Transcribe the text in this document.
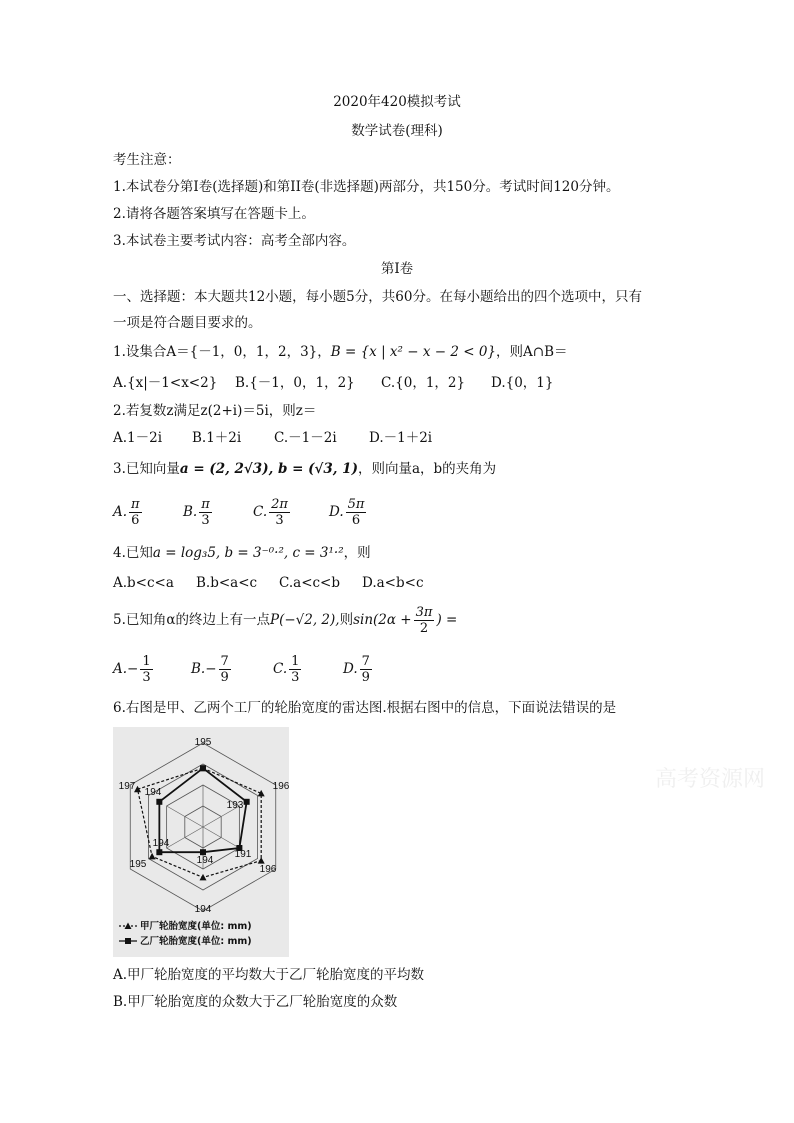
2020年420模拟考试
数学试卷(理科)
考生注意：
1.本试卷分第I卷(选择题)和第II卷(非选择题)两部分，共150分。考试时间120分钟。
2.请将各题答案填写在答题卡上。
3.本试卷主要考试内容：高考全部内容。
第I卷
一、选择题：本大题共12小题，每小题5分，共60分。在每小题给出的四个选项中，只有
一项是符合题目要求的。
1.设集合A＝{－1，0，1，2，3}，B = {x | x² − x − 2 < 0}，则A∩B＝
A.{x|－1<x<2} B.{－1，0，1，2} C.{0，1，2} D.{0，1}
2.若复数z满足z(2+i)＝5i，则z＝
A.1－2i B.1＋2i C.－1－2i D.－1＋2i
3.已知向量a = (2, 2√3), b = (√3, 1)，则向量a，b的夹角为
A. $\frac{\pi}{6}$	B. $\frac{\pi}{3}$	C. $\frac{2\pi}{3}$	D. $\frac{5\pi}{6}$
4.已知a = log₃5, b = 3⁻⁰·², c = 3¹·²，则
A.b<c<a B.b<a<c C.a<c<b D.a<b<c
5.已知角α的终边上有一点 P(−√2, 2), 则 $\sin(2\alpha + \frac{3\pi}{2}$ ) =
$A.- \frac{1}{3}$	$B.- \frac{7}{9}$	C. $\frac{1}{3}$	D. $\frac{7}{9}$
6.右图是甲、乙两个工厂的轮胎宽度的雷达图.根据右图中的信息，下面说法错误的是
195
196
196
194
195
197
194
193
191
194
194
甲厂轮胎宽度(单位: mm)
乙厂轮胎宽度(单位: mm)
高考资源网
A.甲厂轮胎宽度的平均数大于乙厂轮胎宽度的平均数
B.甲厂轮胎宽度的众数大于乙厂轮胎宽度的众数
